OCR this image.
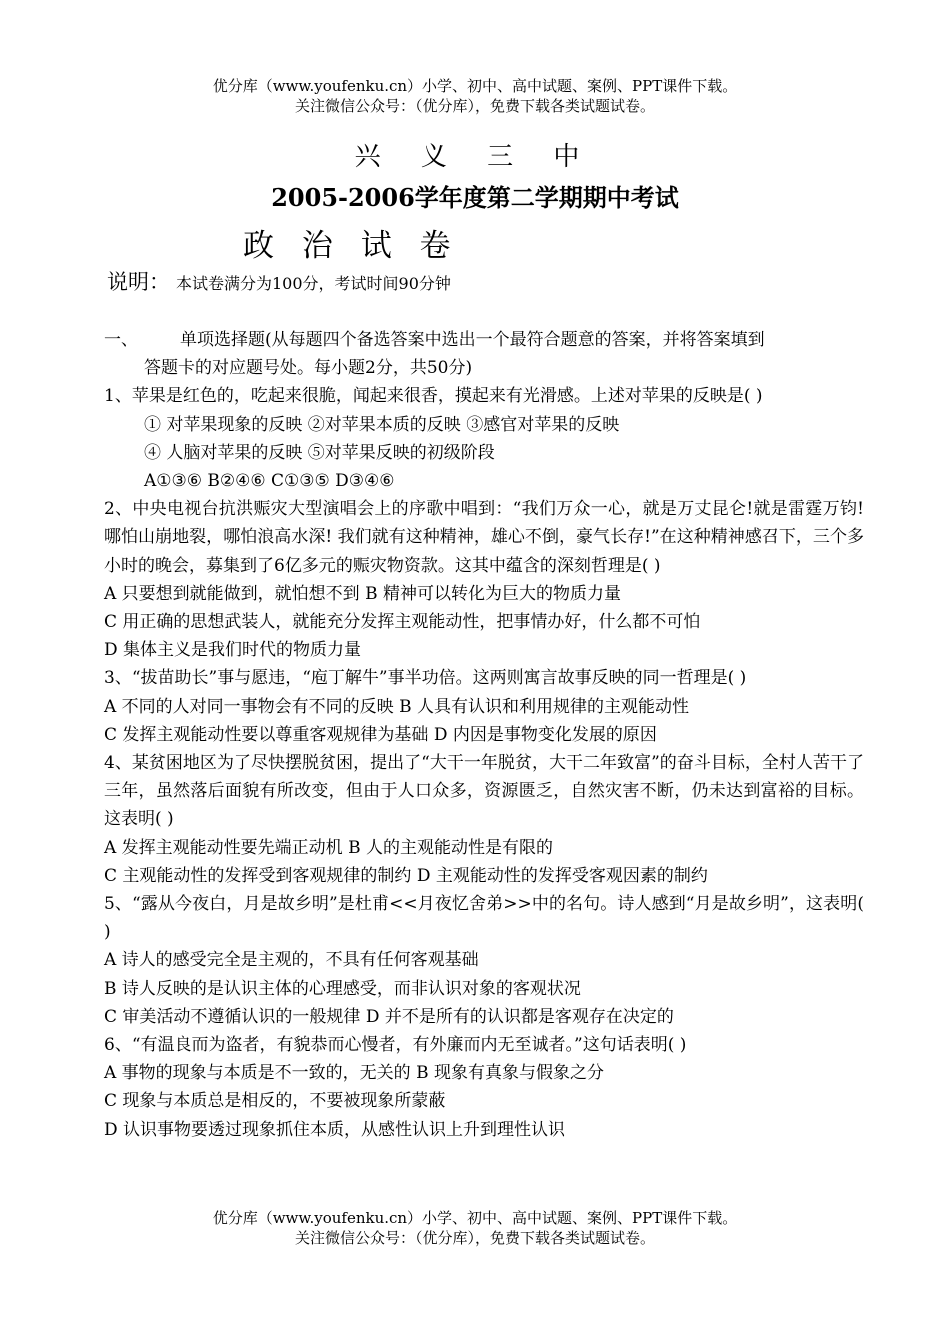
优分库（www.youfenku.cn）小学、初中、高中试题、案例、PPT课件下载。
关注微信公众号：（优分库），免费下载各类试题试卷。
兴 义 三 中
2005-2006学年度第二学期期中考试
政 治 试 卷
说明： 本试卷满分为100分，考试时间90分钟
一、 单项选择题(从每题四个备选答案中选出一个最符合题意的答案，并将答案填到
答题卡的对应题号处。每小题2分，共50分)
1、苹果是红色的，吃起来很脆，闻起来很香，摸起来有光滑感。上述对苹果的反映是( )
① 对苹果现象的反映 ②对苹果本质的反映 ③感官对苹果的反映
④ 人脑对苹果的反映 ⑤对苹果反映的初级阶段
A①③⑥ B②④⑥ C①③⑤ D③④⑥
2、中央电视台抗洪赈灾大型演唱会上的序歌中唱到：“我们万众一心，就是万丈昆仑!就是雷霆万钧! 哪怕山崩地裂，哪怕浪高水深! 我们就有这种精神，雄心不倒，豪气长存!”在这种精神感召下，三个多小时的晚会，募集到了6亿多元的赈灾物资款。这其中蕴含的深刻哲理是( )
A 只要想到就能做到，就怕想不到 B 精神可以转化为巨大的物质力量
C 用正确的思想武装人，就能充分发挥主观能动性，把事情办好，什么都不可怕
D 集体主义是我们时代的物质力量
3、“拔苗助长”事与愿违，“庖丁解牛”事半功倍。这两则寓言故事反映的同一哲理是( )
A 不同的人对同一事物会有不同的反映 B 人具有认识和利用规律的主观能动性
C 发挥主观能动性要以尊重客观规律为基础 D 内因是事物变化发展的原因
4、某贫困地区为了尽快摆脱贫困，提出了“大干一年脱贫，大干二年致富”的奋斗目标，全村人苦干了三年，虽然落后面貌有所改变，但由于人口众多，资源匮乏，自然灾害不断，仍未达到富裕的目标。这表明( )
A 发挥主观能动性要先端正动机 B 人的主观能动性是有限的
C 主观能动性的发挥受到客观规律的制约 D 主观能动性的发挥受客观因素的制约
5、“露从今夜白，月是故乡明”是杜甫<<月夜忆舍弟>>中的名句。诗人感到“月是故乡明”，这表明( )
A 诗人的感受完全是主观的，不具有任何客观基础
B 诗人反映的是认识主体的心理感受，而非认识对象的客观状况
C 审美活动不遵循认识的一般规律 D 并不是所有的认识都是客观存在决定的
6、“有温良而为盗者，有貌恭而心慢者，有外廉而内无至诚者。”这句话表明( )
A 事物的现象与本质是不一致的，无关的 B 现象有真象与假象之分
C 现象与本质总是相反的，不要被现象所蒙蔽
D 认识事物要透过现象抓住本质，从感性认识上升到理性认识
优分库（www.youfenku.cn）小学、初中、高中试题、案例、PPT课件下载。
关注微信公众号：（优分库），免费下载各类试题试卷。
